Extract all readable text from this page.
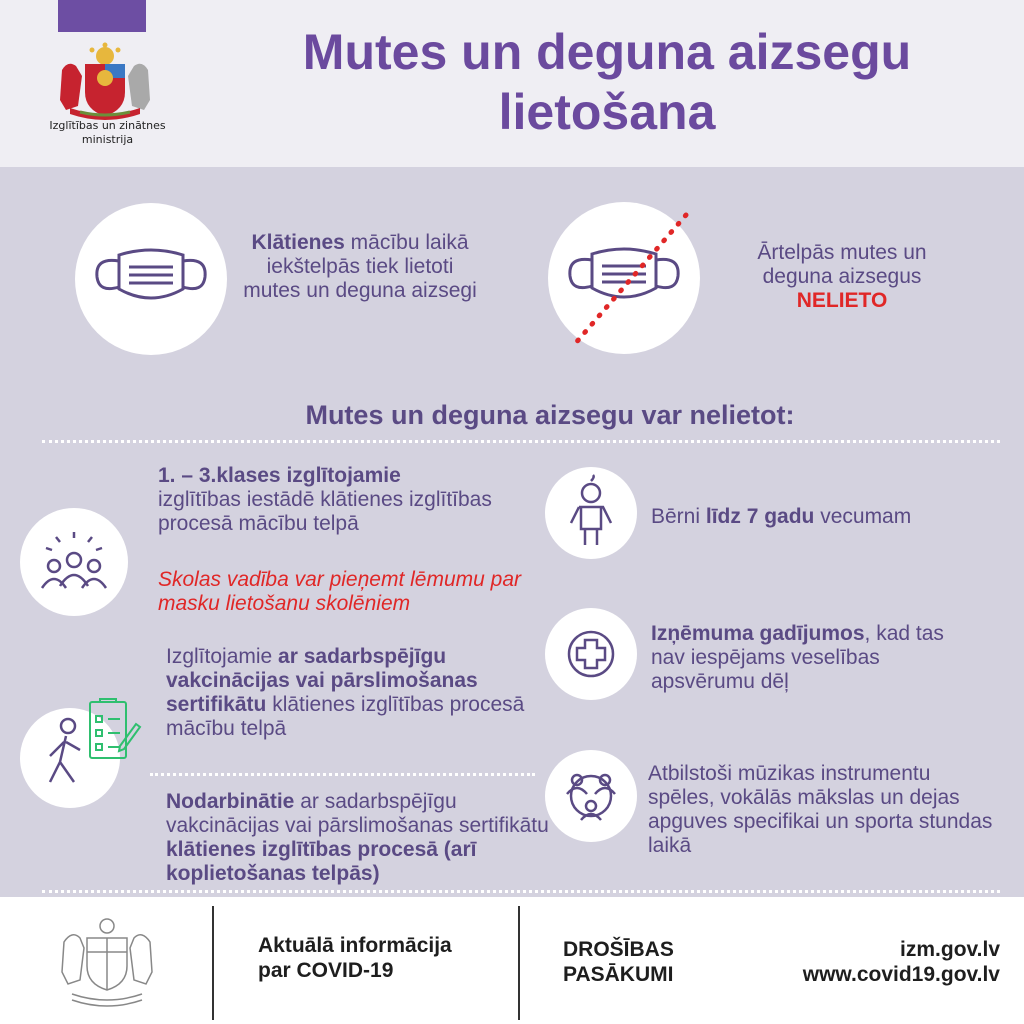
Izglītības un zinātnes
ministrija
Mutes un deguna aizsegu
lietošana
Klātienes mācību laikā iekštelpās tiek lietoti mutes un deguna aizsegi
Ārtelpās mutes un deguna aizsegus
NELIETO
Mutes un deguna aizsegu var nelietot:
1. – 3.klases izglītojamie
izglītības iestādē klātienes izglītības procesā mācību telpā
Skolas vadība var pieņemt lēmumu par masku lietošanu skolēniem
Bērni līdz 7 gadu vecumam
Izņēmuma gadījumos, kad tas nav iespējams veselības apsvērumu dēļ
Izglītojamie ar sadarbspējīgu vakcinācijas vai pārslimošanas sertifikātu klātienes izglītības procesā mācību telpā
Nodarbinātie ar sadarbspējīgu vakcinācijas vai pārslimošanas sertifikātu klātienes izglītības procesā (arī koplietošanas telpās)
Atbilstoši mūzikas instrumentu spēles, vokālās mākslas un dejas apguves specifikai un sporta stundas laikā
Aktuālā informācija
par COVID-19
DROŠĪBAS
PASĀKUMI
izm.gov.lv
www.covid19.gov.lv
